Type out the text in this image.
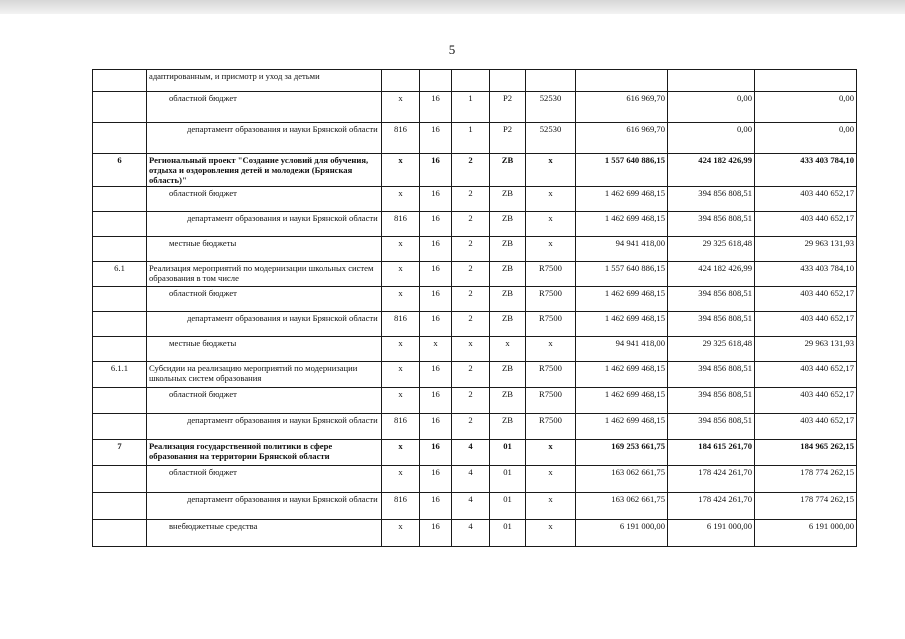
5
	адаптированным, и присмотр и уход за детьми								
	областной бюджет	х	16	1	P2	52530	616 969,70	0,00	0,00
	департамент образования и науки Брянской области	816	16	1	P2	52530	616 969,70	0,00	0,00
6	Региональный проект "Создание условий для обучения, отдыха и оздоровления детей и молодежи (Брянская область)"	х	16	2	ZB	х	1 557 640 886,15	424 182 426,99	433 403 784,10
	областной бюджет	х	16	2	ZB	х	1 462 699 468,15	394 856 808,51	403 440 652,17
	департамент образования и науки Брянской области	816	16	2	ZB	х	1 462 699 468,15	394 856 808,51	403 440 652,17
	местные бюджеты	х	16	2	ZB	х	94 941 418,00	29 325 618,48	29 963 131,93
6.1	Реализация мероприятий по модернизации школьных систем образования в том числе	х	16	2	ZB	R7500	1 557 640 886,15	424 182 426,99	433 403 784,10
	областной бюджет	х	16	2	ZB	R7500	1 462 699 468,15	394 856 808,51	403 440 652,17
	департамент образования и науки Брянской области	816	16	2	ZB	R7500	1 462 699 468,15	394 856 808,51	403 440 652,17
	местные бюджеты	х	х	х	х	х	94 941 418,00	29 325 618,48	29 963 131,93
6.1.1	Субсидии на реализацию мероприятий по модернизации школьных систем образования	х	16	2	ZB	R7500	1 462 699 468,15	394 856 808,51	403 440 652,17
	областной бюджет	х	16	2	ZB	R7500	1 462 699 468,15	394 856 808,51	403 440 652,17
	департамент образования и науки Брянской области	816	16	2	ZB	R7500	1 462 699 468,15	394 856 808,51	403 440 652,17
7	Реализация государственной политики в сфере образования на территории Брянской области	х	16	4	01	х	169 253 661,75	184 615 261,70	184 965 262,15
	областной бюджет	х	16	4	01	х	163 062 661,75	178 424 261,70	178 774 262,15
	департамент образования и науки Брянской области	816	16	4	01	х	163 062 661,75	178 424 261,70	178 774 262,15
	внебюджетные средства	х	16	4	01	х	6 191 000,00	6 191 000,00	6 191 000,00
